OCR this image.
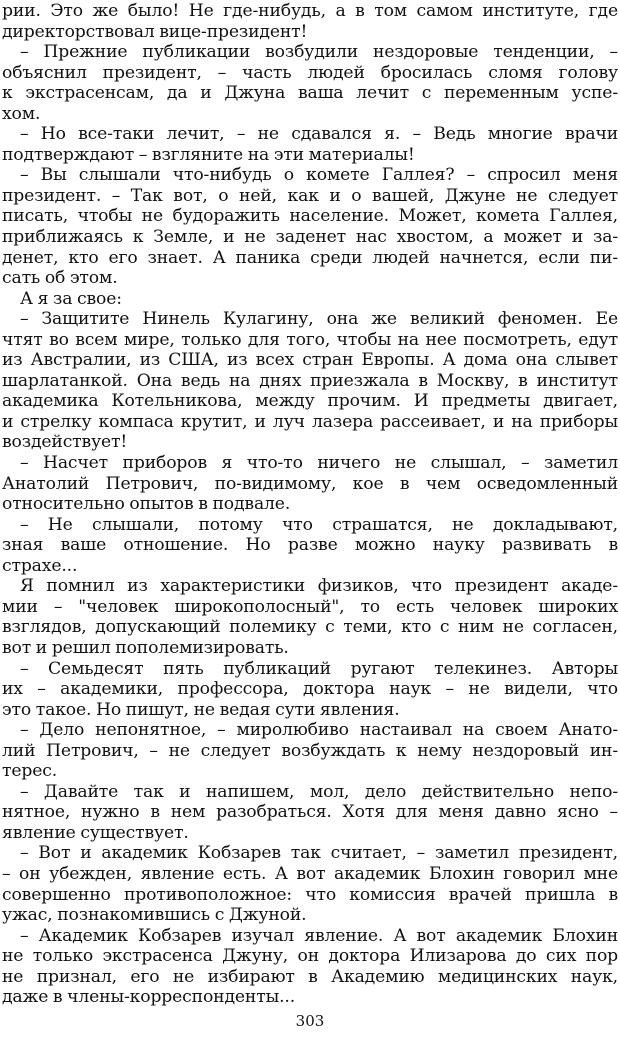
рии. Это же было! Не где-нибудь, а в том самом институте, где
директорствовал вице-президент!
– Прежние публикации возбудили нездоровые тенденции, –
объяснил президент, – часть людей бросилась сломя голову
к экстрасенсам, да и Джуна ваша лечит с переменным успе-
хом.
– Но все-таки лечит, – не сдавался я. – Ведь многие врачи
подтверждают – взгляните на эти материалы!
– Вы слышали что-нибудь о комете Галлея? – спросил меня
президент. – Так вот, о ней, как и о вашей, Джуне не следует
писать, чтобы не будоражить население. Может, комета Галлея,
приближаясь к Земле, и не заденет нас хвостом, а может и за-
денет, кто его знает. А паника среди людей начнется, если пи-
сать об этом.
А я за свое:
– Защитите Нинель Кулагину, она же великий феномен. Ее
чтят во всем мире, только для того, чтобы на нее посмотреть, едут
из Австралии, из США, из всех стран Европы. А дома она слывет
шарлатанкой. Она ведь на днях приезжала в Москву, в институт
академика Котельникова, между прочим. И предметы двигает,
и стрелку компаса крутит, и луч лазера рассеивает, и на приборы
воздействует!
– Насчет приборов я что-то ничего не слышал, – заметил
Анатолий Петрович, по-видимому, кое в чем осведомленный
относительно опытов в подвале.
– Не слышали, потому что страшатся, не докладывают,
зная ваше отношение. Но разве можно науку развивать в
страхе...
Я помнил из характеристики физиков, что президент акаде-
мии – "человек широкополосный", то есть человек широких
взглядов, допускающий полемику с теми, кто с ним не согласен,
вот и решил пополемизировать.
– Семьдесят пять публикаций ругают телекинез. Авторы
их – академики, профессора, доктора наук – не видели, что
это такое. Но пишут, не ведая сути явления.
– Дело непонятное, – миролюбиво настаивал на своем Анато-
лий Петрович, – не следует возбуждать к нему нездоровый ин-
терес.
– Давайте так и напишем, мол, дело действительно непо-
нятное, нужно в нем разобраться. Хотя для меня давно ясно –
явление существует.
– Вот и академик Кобзарев так считает, – заметил президент,
– он убежден, явление есть. А вот академик Блохин говорил мне
совершенно противоположное: что комиссия врачей пришла в
ужас, познакомившись с Джуной.
– Академик Кобзарев изучал явление. А вот академик Блохин
не только экстрасенса Джуну, он доктора Илизарова до сих пор
не признал, его не избирают в Академию медицинских наук,
даже в члены-корреспонденты...
303
